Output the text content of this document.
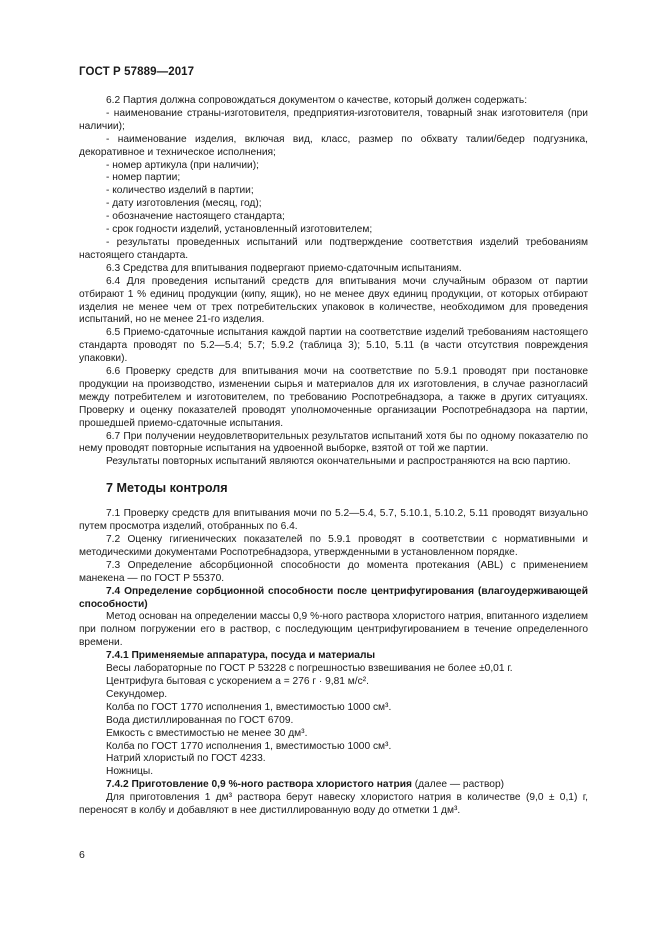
ГОСТ Р 57889—2017

6.2 Партия должна сопровождаться документом о качестве, который должен содержать:

- наименование страны-изготовителя, предприятия-изготовителя, товарный знак изготовителя (при наличии);

- наименование изделия, включая вид, класс, размер по обхвату талии/бедер подгузника, декоративное и техническое исполнения;

- номер артикула (при наличии);

- номер партии;

- количество изделий в партии;

- дату изготовления (месяц, год);

- обозначение настоящего стандарта;

- срок годности изделий, установленный изготовителем;

- результаты проведенных испытаний или подтверждение соответствия изделий требованиям настоящего стандарта.

6.3 Средства для впитывания подвергают приемо-сдаточным испытаниям.

6.4 Для проведения испытаний средств для впитывания мочи случайным образом от партии отбирают 1 % единиц продукции (кипу, ящик), но не менее двух единиц продукции, от которых отбирают изделия не менее чем от трех потребительских упаковок в количестве, необходимом для проведения испытаний, но не менее 21-го изделия.

6.5 Приемо-сдаточные испытания каждой партии на соответствие изделий требованиям настоящего стандарта проводят по 5.2—5.4; 5.7; 5.9.2 (таблица 3); 5.10, 5.11 (в части отсутствия повреждения упаковки).

6.6 Проверку средств для впитывания мочи на соответствие по 5.9.1 проводят при постановке продукции на производство, изменении сырья и материалов для их изготовления, в случае разногласий между потребителем и изготовителем, по требованию Роспотребнадзора, а также в других ситуациях. Проверку и оценку показателей проводят уполномоченные организации Роспотребнадзора на партии, прошедшей приемо-сдаточные испытания.

6.7 При получении неудовлетворительных результатов испытаний хотя бы по одному показателю по нему проводят повторные испытания на удвоенной выборке, взятой от той же партии.

Результаты повторных испытаний являются окончательными и распространяются на всю партию.

7 Методы контроля

7.1 Проверку средств для впитывания мочи по 5.2—5.4, 5.7, 5.10.1, 5.10.2, 5.11 проводят визуально путем просмотра изделий, отобранных по 6.4.

7.2 Оценку гигиенических показателей по 5.9.1 проводят в соответствии с нормативными и методическими документами Роспотребнадзора, утвержденными в установленном порядке.

7.3 Определение абсорбционной способности до момента протекания (ABL) с применением манекена — по ГОСТ Р 55370.

7.4 Определение сорбционной способности после центрифугирования (влагоудерживающей способности)

Метод основан на определении массы 0,9 %-ного раствора хлористого натрия, впитанного изделием при полном погружении его в раствор, с последующим центрифугированием в течение определенного времени.

7.4.1 Применяемые аппаратура, посуда и материалы

Весы лабораторные по ГОСТ Р 53228 с погрешностью взвешивания не более ±0,01 г.

Центрифуга бытовая с ускорением а = 276 г · 9,81 м/с².

Секундомер.

Колба по ГОСТ 1770 исполнения 1, вместимостью 1000 см³.

Вода дистиллированная по ГОСТ 6709.

Емкость с вместимостью не менее 30 дм³.

Колба по ГОСТ 1770 исполнения 1, вместимостью 1000 см³.

Натрий хлористый по ГОСТ 4233.

Ножницы.

7.4.2 Приготовление 0,9 %-ного раствора хлористого натрия (далее — раствор)

Для приготовления 1 дм³ раствора берут навеску хлористого натрия в количестве (9,0 ± 0,1) г, переносят в колбу и добавляют в нее дистиллированную воду до отметки 1 дм³.

6
